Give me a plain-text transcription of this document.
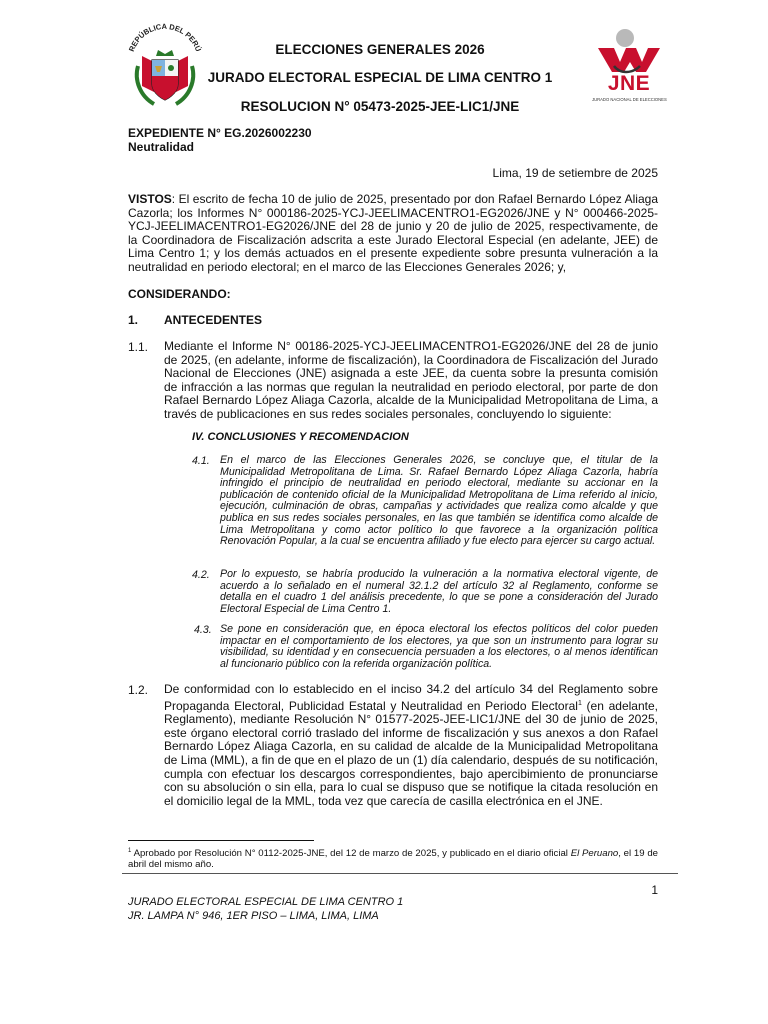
REPÚBLICA DEL PERÚ	ELECCIONES GENERALES 2026
JURADO ELECTORAL ESPECIAL DE LIMA CENTRO 1
RESOLUCION N° 05473-2025-JEE-LIC1/JNE
JNE
JURADO NACIONAL DE ELECCIONES
EXPEDIENTE N° EG.2026002230
Neutralidad
Lima, 19 de setiembre de 2025
VISTOS: El escrito de fecha 10 de julio de 2025, presentado por don Rafael Bernardo López Aliaga Cazorla; los Informes N° 000186-2025-YCJ-JEELIMACENTRO1-EG2026/JNE y N° 000466-2025-YCJ-JEELIMACENTRO1-EG2026/JNE del 28 de junio y 20 de julio de 2025, respectivamente, de la Coordinadora de Fiscalización adscrita a este Jurado Electoral Especial (en adelante, JEE) de Lima Centro 1; y los demás actuados en el presente expediente sobre presunta vulneración a la neutralidad en periodo electoral; en el marco de las Elecciones Generales 2026; y,
CONSIDERANDO:
1. ANTECEDENTES
1.1. Mediante el Informe N° 00186-2025-YCJ-JEELIMACENTRO1-EG2026/JNE del 28 de junio de 2025, (en adelante, informe de fiscalización), la Coordinadora de Fiscalización del Jurado Nacional de Elecciones (JNE) asignada a este JEE, da cuenta sobre la presunta comisión de infracción a las normas que regulan la neutralidad en periodo electoral, por parte de don Rafael Bernardo López Aliaga Cazorla, alcalde de la Municipalidad Metropolitana de Lima, a través de publicaciones en sus redes sociales personales, concluyendo lo siguiente:
IV. CONCLUSIONES Y RECOMENDACION
4.1. En el marco de las Elecciones Generales 2026, se concluye que, el titular de la Municipalidad Metropolitana de Lima. Sr. Rafael Bernardo López Aliaga Cazorla, habría infringido el principio de neutralidad en periodo electoral, mediante su accionar en la publicación de contenido oficial de la Municipalidad Metropolitana de Lima referido al inicio, ejecución, culminación de obras, campañas y actividades que realiza como alcalde y que publica en sus redes sociales personales, en las que también se identifica como alcalde de Lima Metropolitana y como actor político lo que favorece a la organización política Renovación Popular, a la cual se encuentra afiliado y fue electo para ejercer su cargo actual.
4.2. Por lo expuesto, se habría producido la vulneración a la normativa electoral vigente, de acuerdo a lo señalado en el numeral 32.1.2 del artículo 32 al Reglamento, conforme se detalla en el cuadro 1 del análisis precedente, lo que se pone a consideración del Jurado Electoral Especial de Lima Centro 1.
4.3. Se pone en consideración que, en época electoral los efectos políticos del color pueden impactar en el comportamiento de los electores, ya que son un instrumento para lograr su visibilidad, su identidad y en consecuencia persuaden a los electores, o al menos identifican al funcionario público con la referida organización política.
1.2. De conformidad con lo establecido en el inciso 34.2 del artículo 34 del Reglamento sobre Propaganda Electoral, Publicidad Estatal y Neutralidad en Periodo Electoral$^1$ (en adelante, Reglamento), mediante Resolución N° 01577-2025-JEE-LIC1/JNE del 30 de junio de 2025, este órgano electoral corrió traslado del informe de fiscalización y sus anexos a don Rafael Bernardo López Aliaga Cazorla, en su calidad de alcalde de la Municipalidad Metropolitana de Lima (MML), a fin de que en el plazo de un (1) día calendario, después de su notificación, cumpla con efectuar los descargos correspondientes, bajo apercibimiento de pronunciarse con su absolución o sin ella, para lo cual se dispuso que se notifique la citada resolución en el domicilio legal de la MML, toda vez que carecía de casilla electrónica en el JNE.
$^1$ Aprobado por Resolución N° 0112-2025-JNE, del 12 de marzo de 2025, y publicado en el diario oficial El Peruano, el 19 de abril del mismo año.
1
JURADO ELECTORAL ESPECIAL DE LIMA CENTRO 1
JR. LAMPA N° 946, 1ER PISO – LIMA, LIMA, LIMA
